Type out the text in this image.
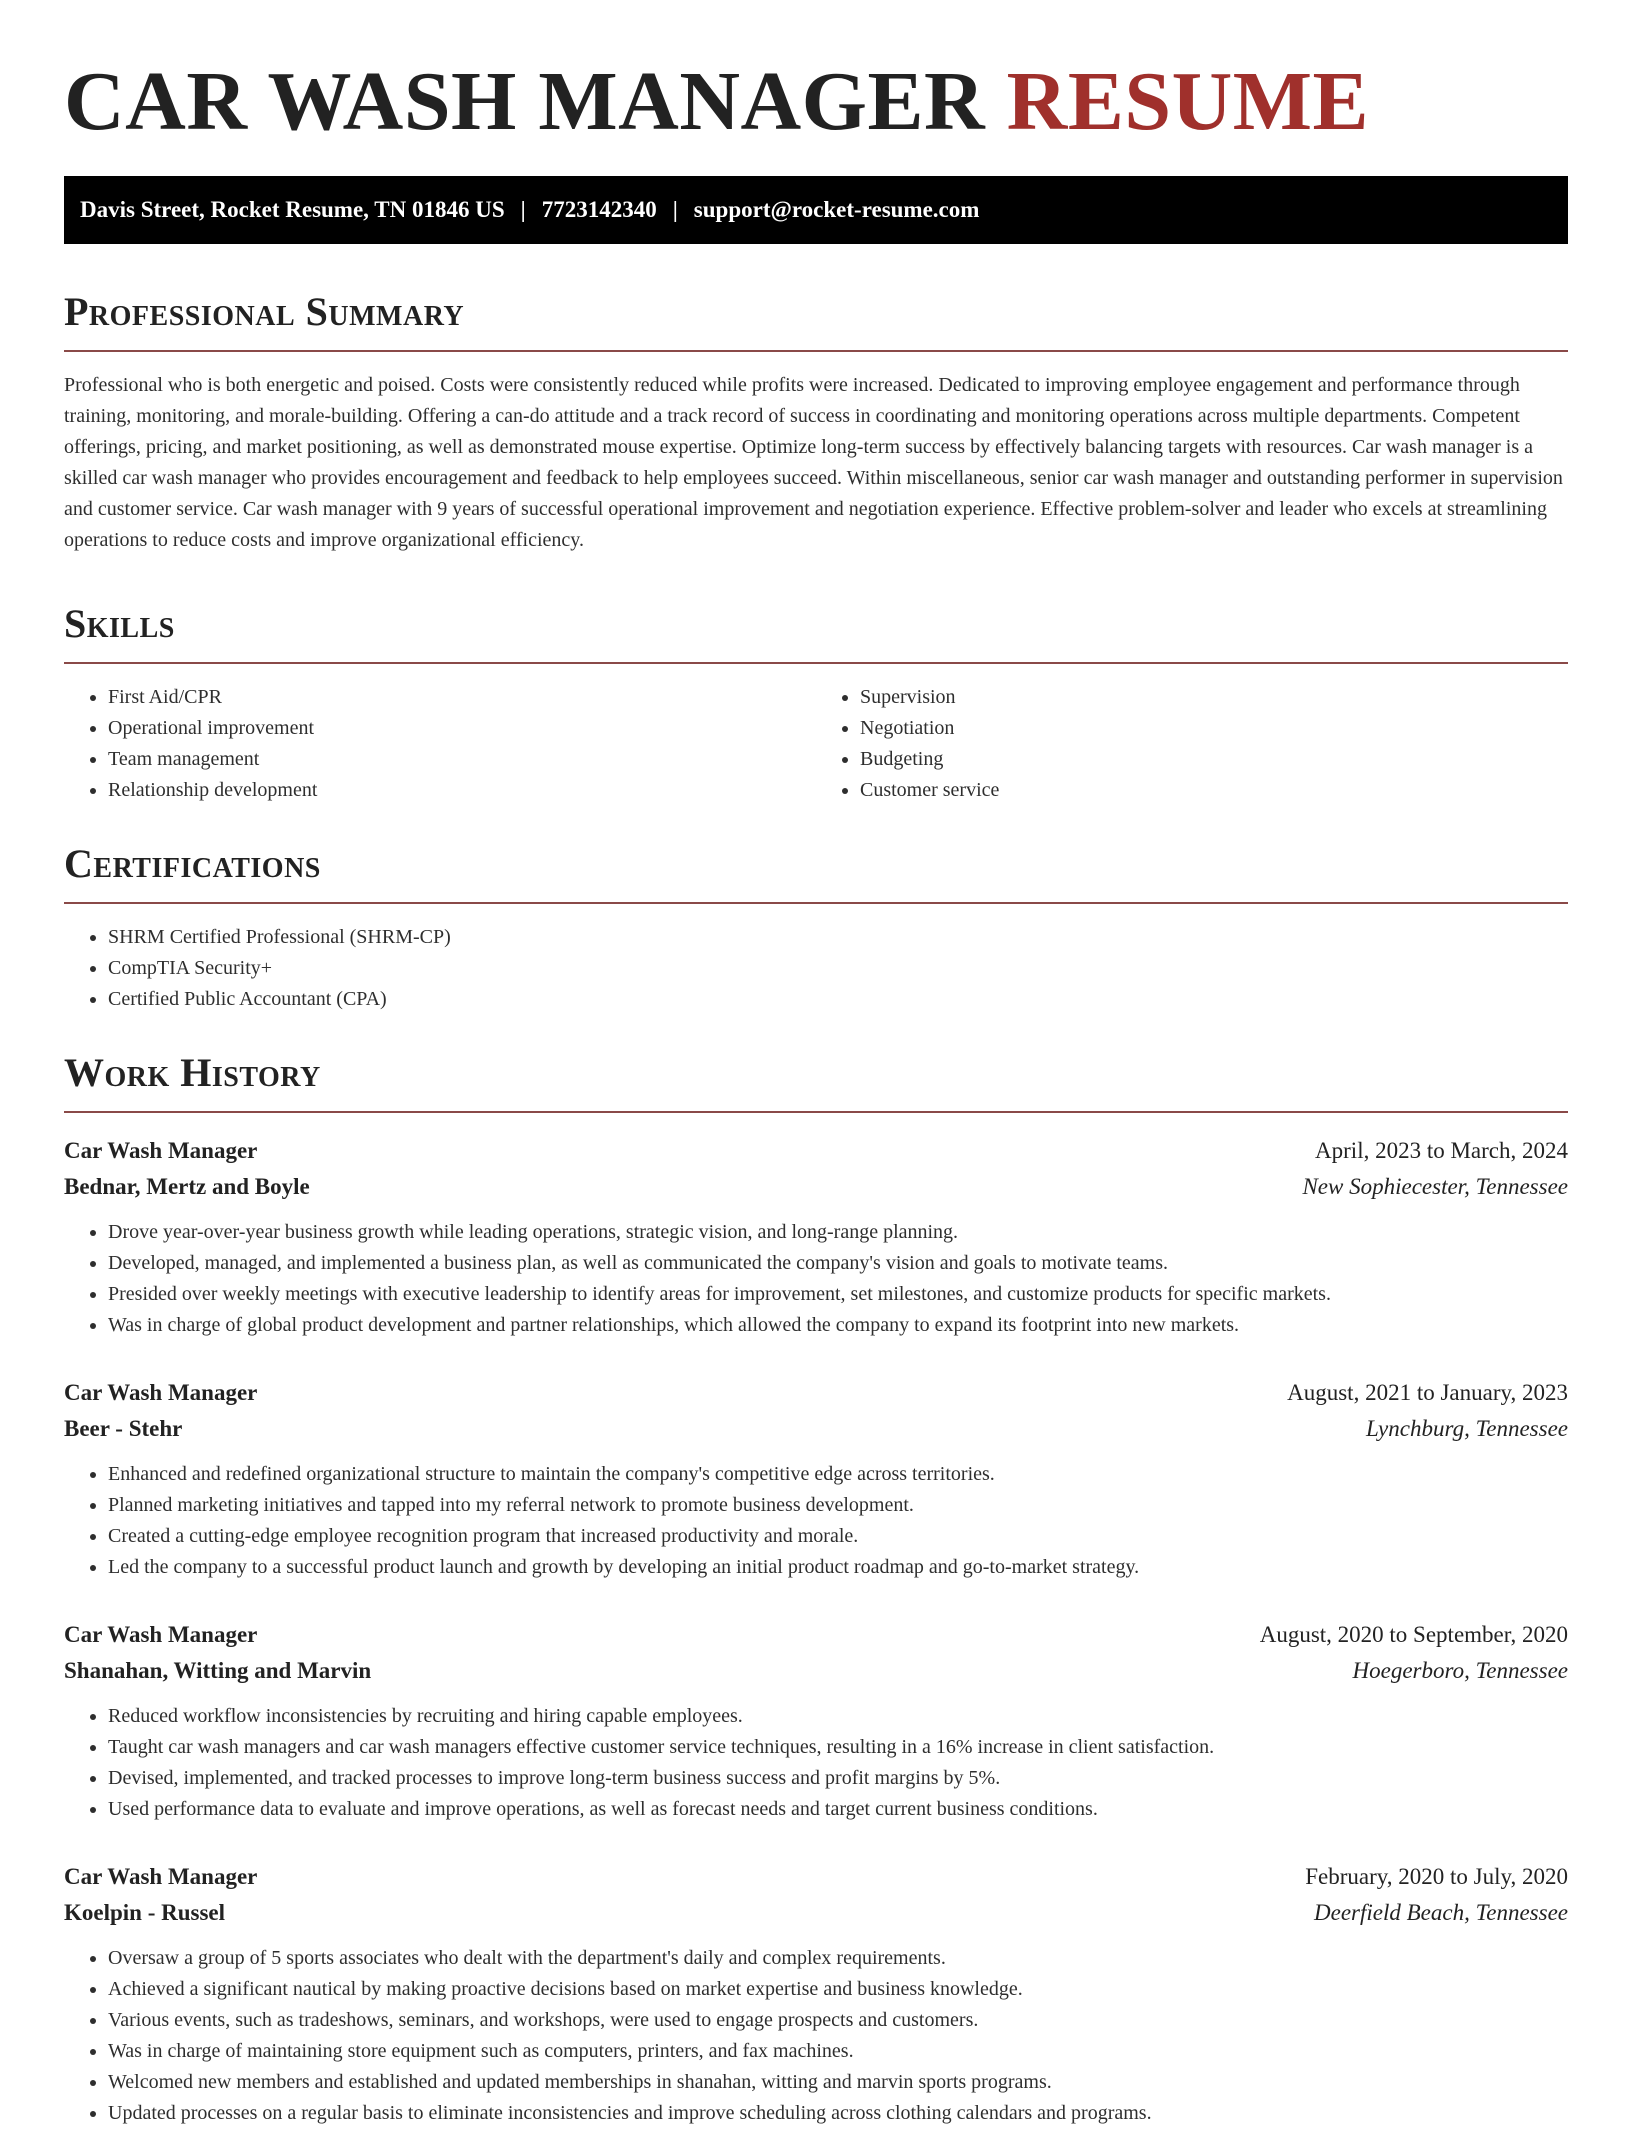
CAR WASH MANAGER RESUME
Davis Street, Rocket Resume, TN 01846 US | 7723142340 | support@rocket-resume.com
Professional Summary

Professional who is both energetic and poised. Costs were consistently reduced while profits were increased. Dedicated to improving employee engagement and performance through training, monitoring, and morale-building. Offering a can-do attitude and a track record of success in coordinating and monitoring operations across multiple departments. Competent offerings, pricing, and market positioning, as well as demonstrated mouse expertise. Optimize long-term success by effectively balancing targets with resources. Car wash manager is a skilled car wash manager who provides encouragement and feedback to help employees succeed. Within miscellaneous, senior car wash manager and outstanding performer in supervision and customer service. Car wash manager with 9 years of successful operational improvement and negotiation experience. Effective problem-solver and leader who excels at streamlining operations to reduce costs and improve organizational efficiency.

Skills
• First Aid/CPR
• Operational improvement
• Team management
• Relationship development
• Supervision
• Negotiation
• Budgeting
• Customer service
Certifications
• SHRM Certified Professional (SHRM-CP)
• CompTIA Security+
• Certified Public Accountant (CPA)
Work History
Car Wash Manager	April, 2023 to March, 2024
Bednar, Mertz and Boyle	New Sophiecester, Tennessee
• Drove year-over-year business growth while leading operations, strategic vision, and long-range planning.
• Developed, managed, and implemented a business plan, as well as communicated the company's vision and goals to motivate teams.
• Presided over weekly meetings with executive leadership to identify areas for improvement, set milestones, and customize products for specific markets.
• Was in charge of global product development and partner relationships, which allowed the company to expand its footprint into new markets.
Car Wash Manager	August, 2021 to January, 2023
Beer - Stehr	Lynchburg, Tennessee
• Enhanced and redefined organizational structure to maintain the company's competitive edge across territories.
• Planned marketing initiatives and tapped into my referral network to promote business development.
• Created a cutting-edge employee recognition program that increased productivity and morale.
• Led the company to a successful product launch and growth by developing an initial product roadmap and go-to-market strategy.
Car Wash Manager	August, 2020 to September, 2020
Shanahan, Witting and Marvin	Hoegerboro, Tennessee
• Reduced workflow inconsistencies by recruiting and hiring capable employees.
• Taught car wash managers and car wash managers effective customer service techniques, resulting in a 16% increase in client satisfaction.
• Devised, implemented, and tracked processes to improve long-term business success and profit margins by 5%.
• Used performance data to evaluate and improve operations, as well as forecast needs and target current business conditions.
Car Wash Manager	February, 2020 to July, 2020
Koelpin - Russel	Deerfield Beach, Tennessee
• Oversaw a group of 5 sports associates who dealt with the department's daily and complex requirements.
• Achieved a significant nautical by making proactive decisions based on market expertise and business knowledge.
• Various events, such as tradeshows, seminars, and workshops, were used to engage prospects and customers.
• Was in charge of maintaining store equipment such as computers, printers, and fax machines.
• Welcomed new members and established and updated memberships in shanahan, witting and marvin sports programs.
• Updated processes on a regular basis to eliminate inconsistencies and improve scheduling across clothing calendars and programs.
